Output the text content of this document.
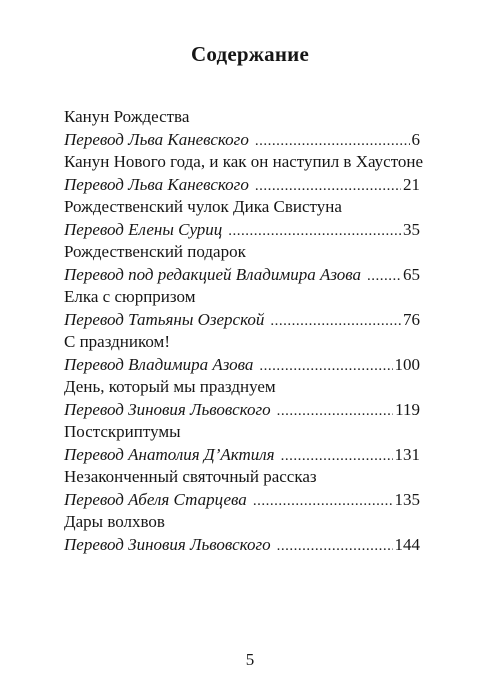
Содержание
Канун Рождества
Перевод Льва Каневского .....	6
Канун Нового года, и как он наступил в Хаустоне
Перевод Льва Каневского .....	21
Рождественский чулок Дика Свистуна
Перевод Елены Суриц .....	35
Рождественский подарок
Перевод под редакцией Владимира Азова ..... 65
Елка с сюрпризом
Перевод Татьяны Озерской .....	76
С праздником!
Перевод Владимира Азова .....	100
День, который мы празднуем
Перевод Зиновия Львовского .....	119
Постскриптумы
Перевод Анатолия Д’Актиля .....	131
Незаконченный святочный рассказ
Перевод Абеля Старцева .....	135
Дары волхвов
Перевод Зиновия Львовского .....	144
5
